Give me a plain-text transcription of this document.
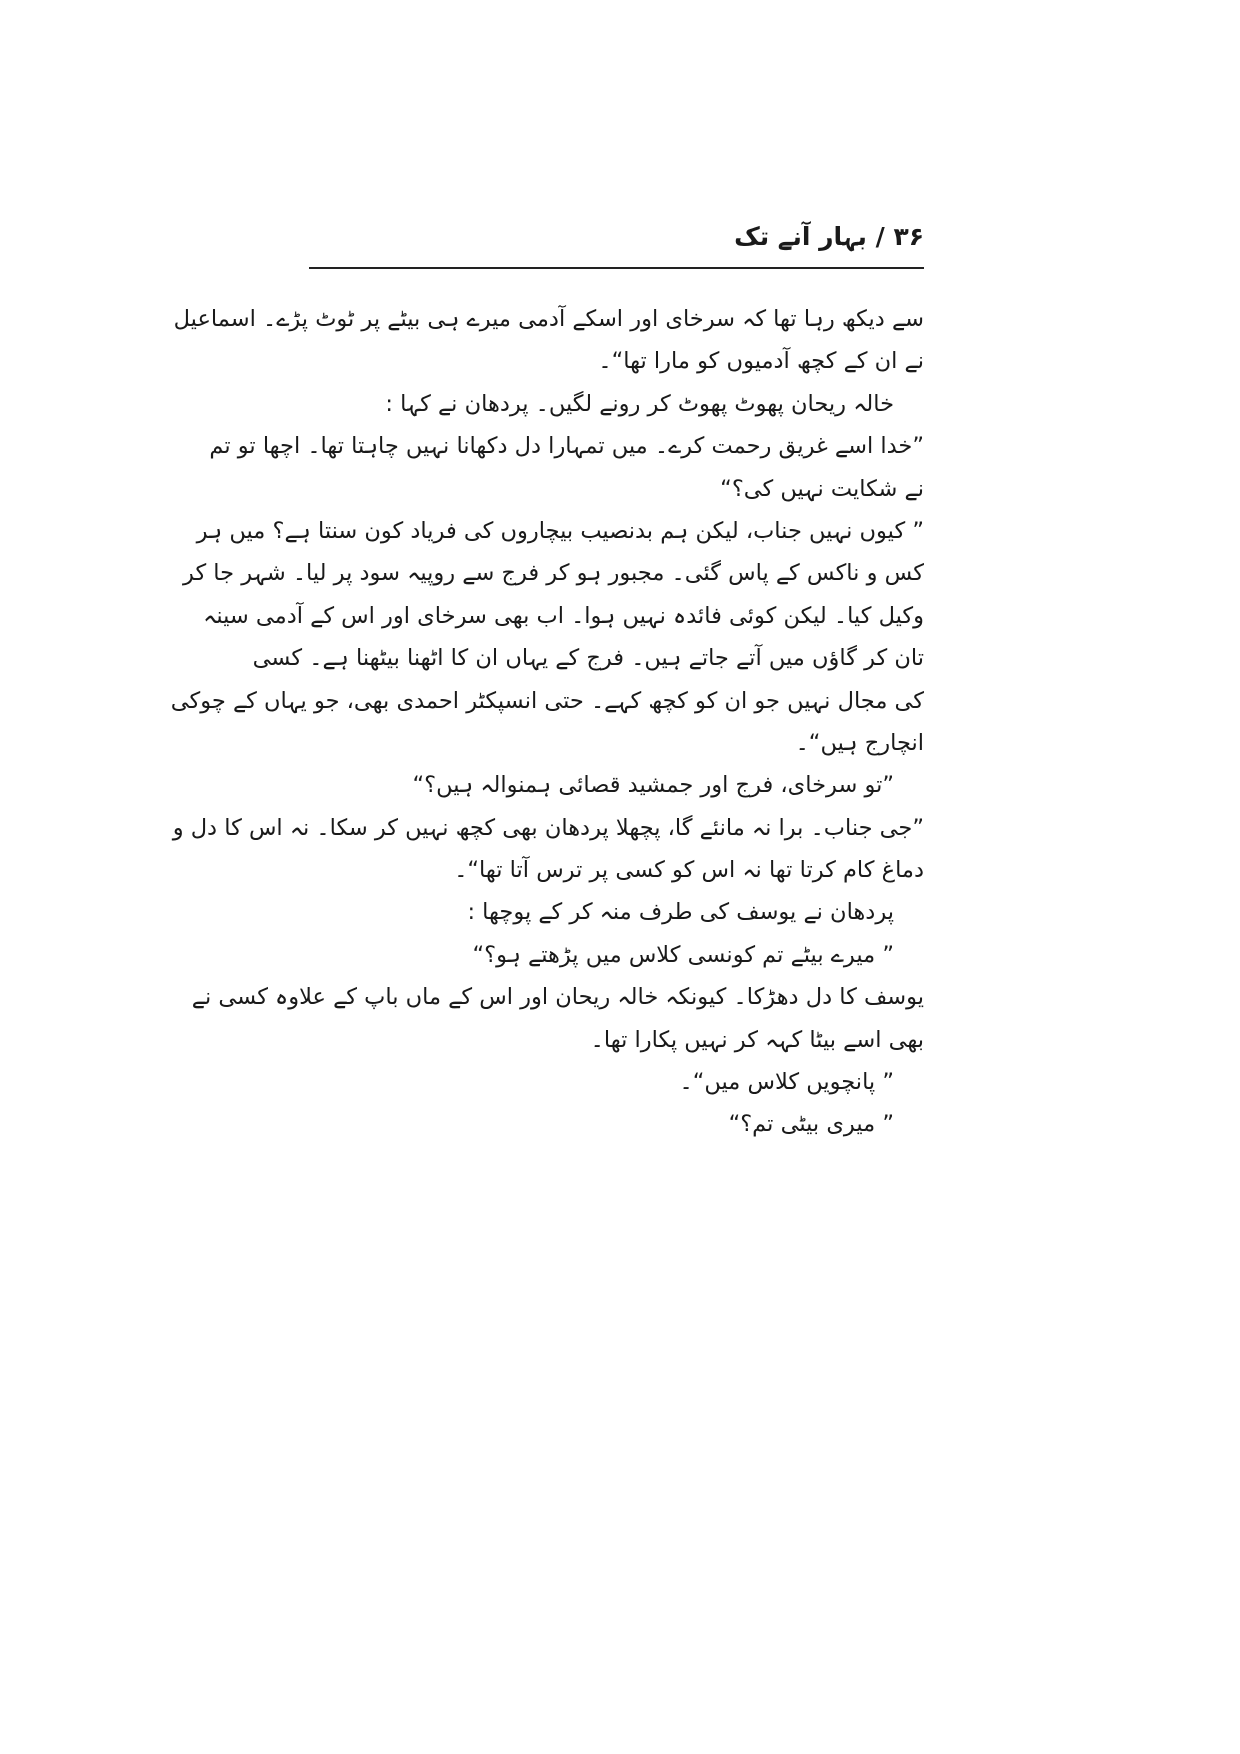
۳۶ / بہار آنے تک
سے دیکھ رہا تھا کہ سرخای اور اسکے آدمی میرے ہی بیٹے پر ٹوٹ پڑے۔ اسماعیل
نے ان کے کچھ آدمیوں کو مارا تھا“۔
خالہ ریحان پھوٹ پھوٹ کر رونے لگیں۔ پردھان نے کہا :
”خدا اسے غریق رحمت کرے۔ میں تمہارا دل دکھانا نہیں چاہتا تھا۔ اچھا تو تم
نے شکایت نہیں کی؟“
” کیوں نہیں جناب، لیکن ہم بدنصیب بیچاروں کی فریاد کون سنتا ہے؟ میں ہر
کس و ناکس کے پاس گئی۔ مجبور ہو کر فرج سے روپیہ سود پر لیا۔ شہر جا کر
وکیل کیا۔ لیکن کوئی فائدہ نہیں ہوا۔ اب بھی سرخای اور اس کے آدمی سینہ
تان کر گاؤں میں آتے جاتے ہیں۔ فرج کے یہاں ان کا اٹھنا بیٹھنا ہے۔ کسی
کی مجال نہیں جو ان کو کچھ کہے۔ حتی انسپکٹر احمدی بھی، جو یہاں کے چوکی
انچارج ہیں“۔
”تو سرخای، فرج اور جمشید قصائی ہمنوالہ ہیں؟“
”جی جناب۔ برا نہ مانئے گا، پچھلا پردھان بھی کچھ نہیں کر سکا۔ نہ اس کا دل و
دماغ کام کرتا تھا نہ اس کو کسی پر ترس آتا تھا“۔
پردھان نے یوسف کی طرف منہ کر کے پوچھا :
” میرے بیٹے تم کونسی کلاس میں پڑھتے ہو؟“
یوسف کا دل دھڑکا۔ کیونکہ خالہ ریحان اور اس کے ماں باپ کے علاوہ کسی نے
بھی اسے بیٹا کہہ کر نہیں پکارا تھا۔
” پانچویں کلاس میں“۔
” میری بیٹی تم؟“
